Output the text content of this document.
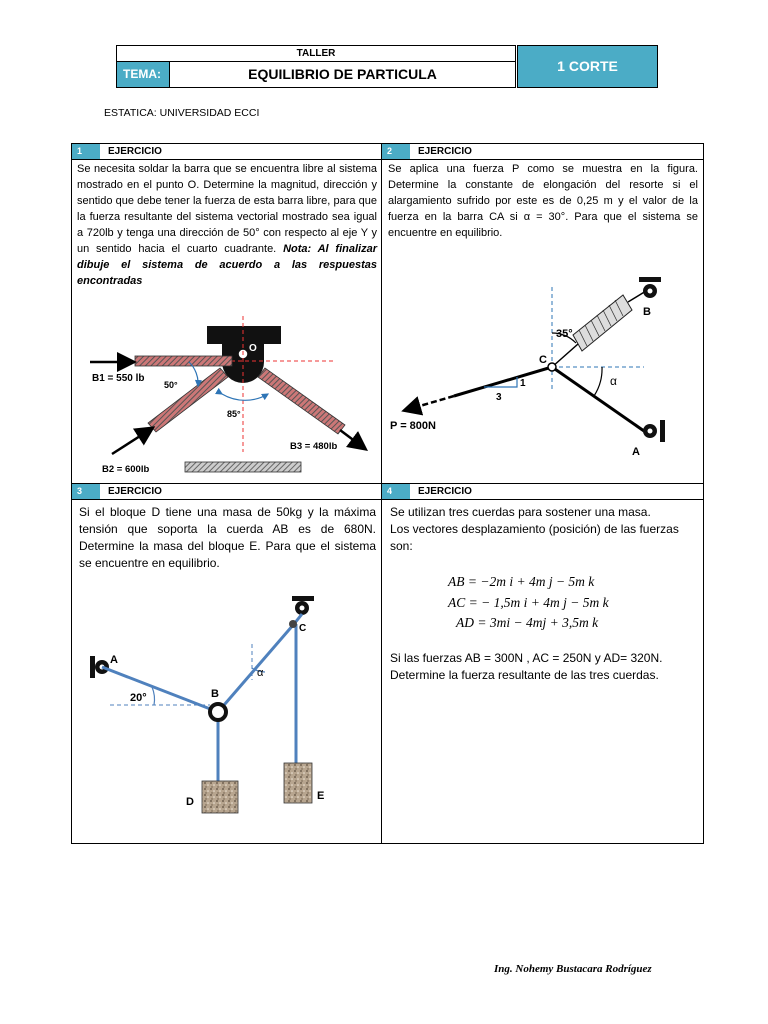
TALLER
TEMA:	EQUILIBRIO DE PARTICULA	1 CORTE
ESTATICA: UNIVERSIDAD ECCI
1	EJERCICIO
Se necesita soldar la barra que se encuentra libre al sistema mostrado en el punto O. Determine la magnitud, dirección y sentido que debe tener la fuerza de esta barra libre, para que la fuerza resultante del sistema vectorial mostrado sea igual a 720lb y tenga una dirección de 50° con respecto al eje Y y un sentido hacia el cuarto cuadrante. Nota: Al finalizar dibuje el sistema de acuerdo a las respuestas encontradas
O
B1 = 550 lb
50°
85°
B2 = 600lb
B3 = 480lb
2	EJERCICIO
Se aplica una fuerza P como se muestra en la figura. Determine la constante de elongación del resorte si el alargamiento sufrido por este es de 0,25 m y el valor de la fuerza en la barra CA si α = 30°. Para que el sistema se encuentre en equilibrio.
35°
C
B
A
α
1
3
P = 800N
3	EJERCICIO
Si el bloque D tiene una masa de 50kg y la máxima tensión que soporta la cuerda AB es de 680N. Determine la masa del bloque E. Para que el sistema se encuentre en equilibrio.
A
B
C
D	E
20°
α
4	EJERCICIO
Se utilizan tres cuerdas para sostener una masa.
Los vectores desplazamiento (posición) de las fuerzas son:
AB = −2m i + 4m j − 5m k
AC = − 1,5m i + 4m j − 5m k
AD = 3mi − 4mj + 3,5m k
Si las fuerzas AB = 300N , AC = 250N y AD= 320N. Determine la fuerza resultante de las tres cuerdas.
Ing. Nohemy Bustacara Rodríguez
